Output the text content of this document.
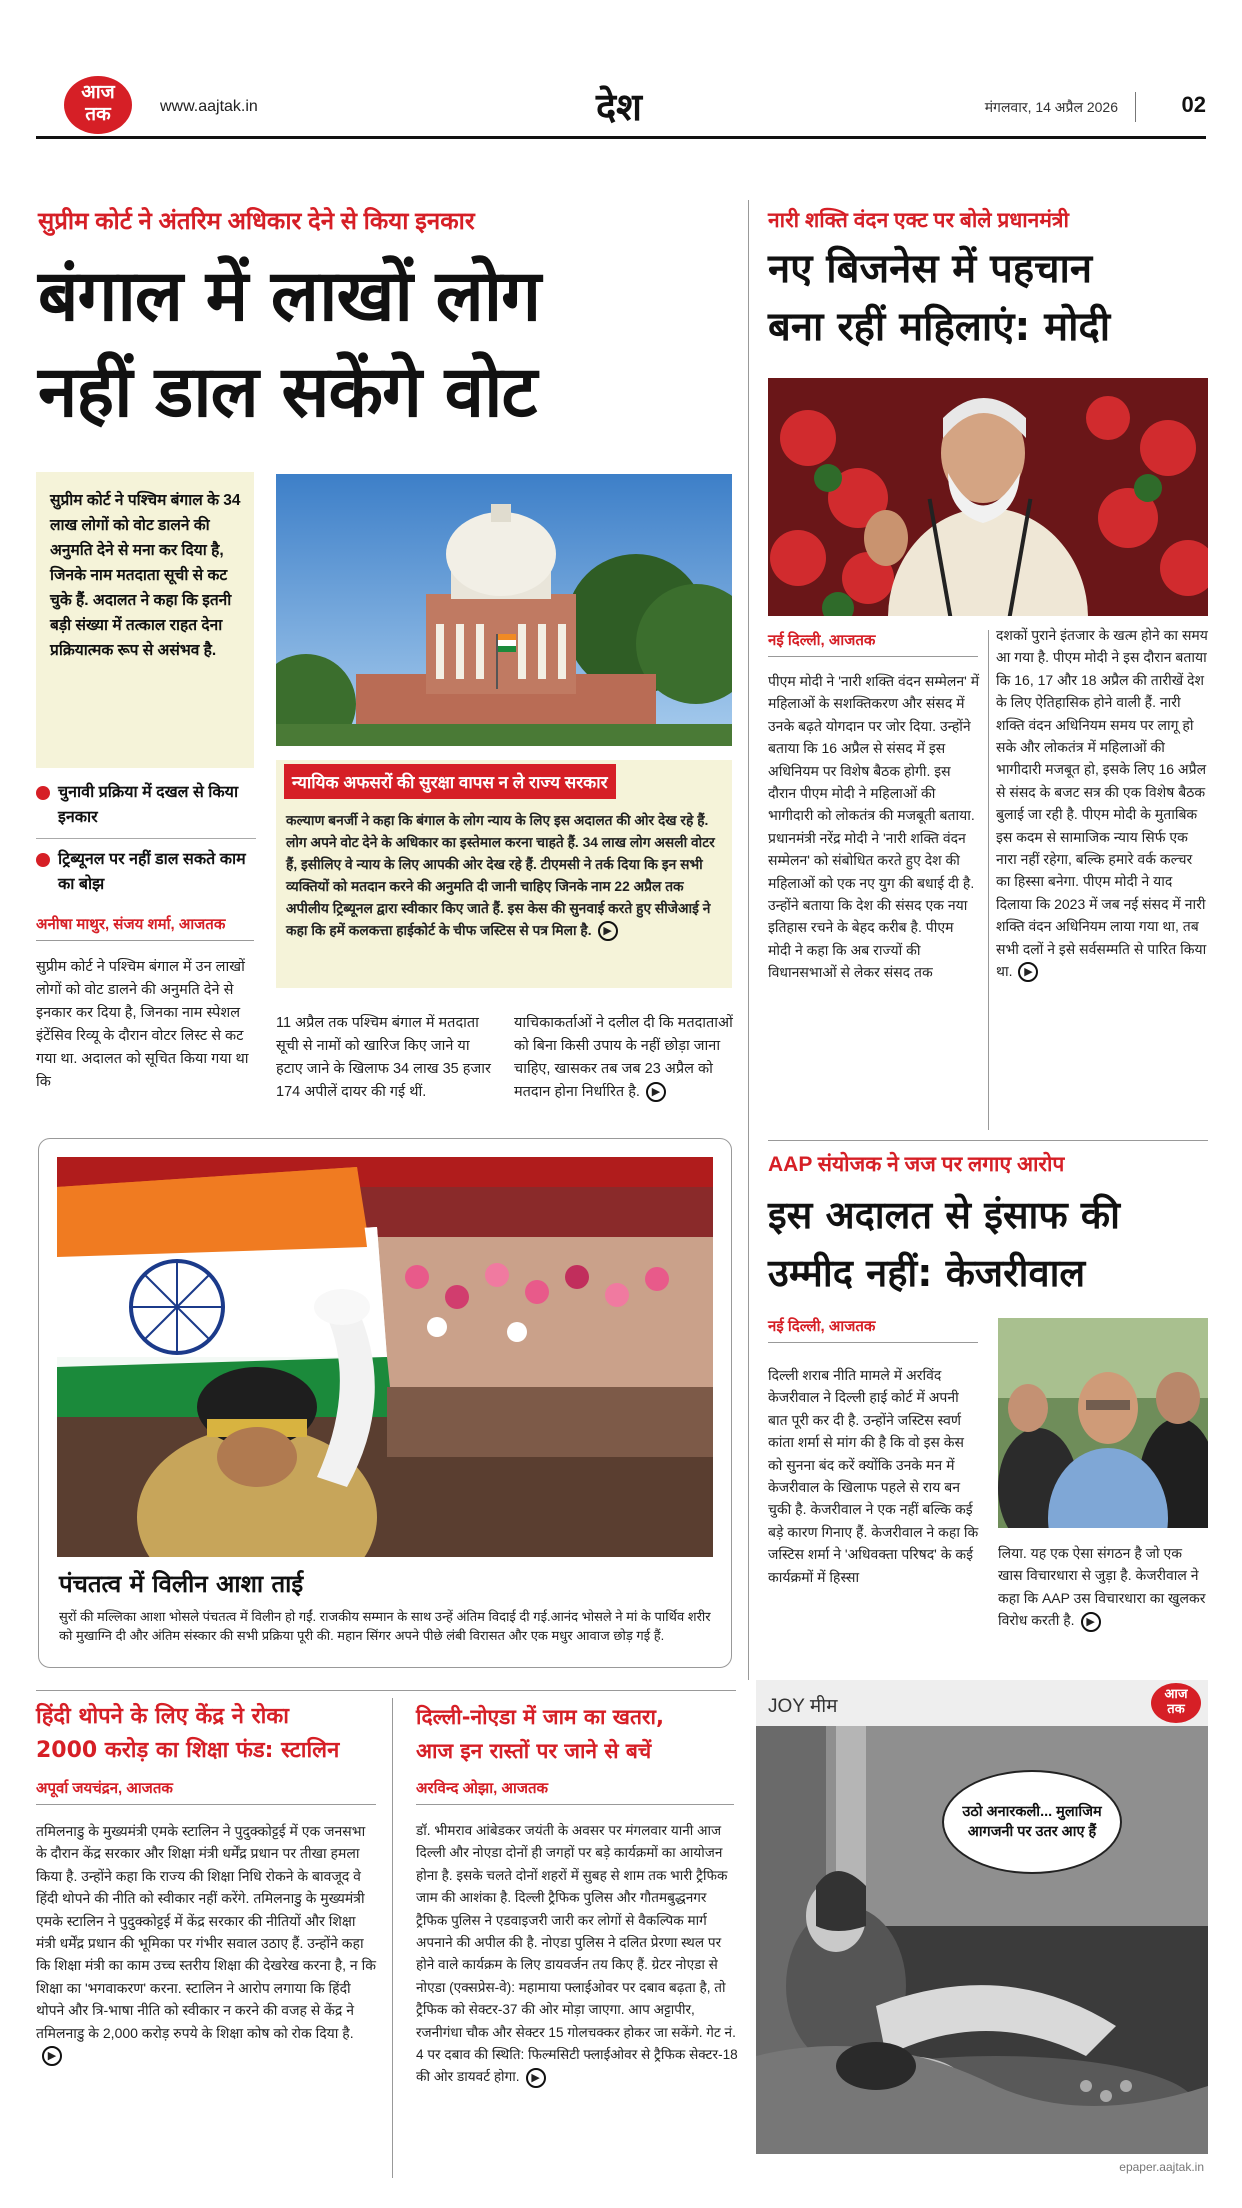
आज
तक	www.aajtak.in	देश	मंगलवार, 14 अप्रैल 2026	02
सुप्रीम कोर्ट ने अंतरिम अधिकार देने से किया इनकार
बंगाल में लाखों लोग
नहीं डाल सकेंगे वोट
सुप्रीम कोर्ट ने पश्चिम बंगाल के 34 लाख लोगों को वोट डालने की अनुमति देने से मना कर दिया है, जिनके नाम मतदाता सूची से कट चुके हैं. अदालत ने कहा कि इतनी बड़ी संख्या में तत्काल राहत देना प्रक्रियात्मक रूप से असंभव है.
चुनावी प्रक्रिया में दखल से किया इनकार
ट्रिब्यूनल पर नहीं डाल सकते काम का बोझ
अनीषा माथुर, संजय शर्मा, आजतक
सुप्रीम कोर्ट ने पश्चिम बंगाल में उन लाखों लोगों को वोट डालने की अनुमति देने से इनकार कर दिया है, जिनका नाम स्पेशल इंटेंसिव रिव्यू के दौरान वोटर लिस्ट से कट गया था. अदालत को सूचित किया गया था कि
न्यायिक अफसरों की सुरक्षा वापस न ले राज्य सरकार
कल्याण बनर्जी ने कहा कि बंगाल के लोग न्याय के लिए इस अदालत की ओर देख रहे हैं. लोग अपने वोट देने के अधिकार का इस्तेमाल करना चाहते हैं. 34 लाख लोग असली वोटर हैं, इसीलिए वे न्याय के लिए आपकी ओर देख रहे हैं. टीएमसी ने तर्क दिया कि इन सभी व्यक्तियों को मतदान करने की अनुमति दी जानी चाहिए जिनके नाम 22 अप्रैल तक अपीलीय ट्रिब्यूनल द्वारा स्वीकार किए जाते हैं. इस केस की सुनवाई करते हुए सीजेआई ने कहा कि हमें कलकत्ता हाईकोर्ट के चीफ जस्टिस से पत्र मिला है. ▶
11 अप्रैल तक पश्चिम बंगाल में मतदाता सूची से नामों को खारिज किए जाने या हटाए जाने के खिलाफ 34 लाख 35 हजार 174 अपीलें दायर की गई थीं.
याचिकाकर्ताओं ने दलील दी कि मतदाताओं को बिना किसी उपाय के नहीं छोड़ा जाना चाहिए, खासकर तब जब 23 अप्रैल को मतदान होना निर्धारित है. ▶
पंचतत्व में विलीन आशा ताई
सुरों की मल्लिका आशा भोसले पंचतत्व में विलीन हो गईं. राजकीय सम्मान के साथ उन्हें अंतिम विदाई दी गई.आनंद भोसले ने मां के पार्थिव शरीर को मुखाग्नि दी और अंतिम संस्कार की सभी प्रक्रिया पूरी की. महान सिंगर अपने पीछे लंबी विरासत और एक मधुर आवाज छोड़ गई हैं.
नारी शक्ति वंदन एक्ट पर बोले प्रधानमंत्री
नए बिजनेस में पहचान
बना रहीं महिलाएं: मोदी
नई दिल्ली, आजतक
पीएम मोदी ने 'नारी शक्ति वंदन सम्मेलन' में महिलाओं के सशक्तिकरण और संसद में उनके बढ़ते योगदान पर जोर दिया. उन्होंने बताया कि 16 अप्रैल से संसद में इस अधिनियम पर विशेष बैठक होगी. इस दौरान पीएम मोदी ने महिलाओं की भागीदारी को लोकतंत्र की मजबूती बताया. प्रधानमंत्री नरेंद्र मोदी ने 'नारी शक्ति वंदन सम्मेलन' को संबोधित करते हुए देश की महिलाओं को एक नए युग की बधाई दी है. उन्होंने बताया कि देश की संसद एक नया इतिहास रचने के बेहद करीब है. पीएम मोदी ने कहा कि अब राज्यों की विधानसभाओं से लेकर संसद तक
दशकों पुराने इंतजार के खत्म होने का समय आ गया है. पीएम मोदी ने इस दौरान बताया कि 16, 17 और 18 अप्रैल की तारीखें देश के लिए ऐतिहासिक होने वाली हैं. नारी शक्ति वंदन अधिनियम समय पर लागू हो सके और लोकतंत्र में महिलाओं की भागीदारी मजबूत हो, इसके लिए 16 अप्रैल से संसद के बजट सत्र की एक विशेष बैठक बुलाई जा रही है. पीएम मोदी के मुताबिक इस कदम से सामाजिक न्याय सिर्फ एक नारा नहीं रहेगा, बल्कि हमारे वर्क कल्चर का हिस्सा बनेगा. पीएम मोदी ने याद दिलाया कि 2023 में जब नई संसद में नारी शक्ति वंदन अधिनियम लाया गया था, तब सभी दलों ने इसे सर्वसम्मति से पारित किया था. ▶
AAP संयोजक ने जज पर लगाए आरोप
इस अदालत से इंसाफ की
उम्मीद नहीं: केजरीवाल
नई दिल्ली, आजतक
दिल्ली शराब नीति मामले में अरविंद केजरीवाल ने दिल्ली हाई कोर्ट में अपनी बात पूरी कर दी है. उन्होंने जस्टिस स्वर्ण कांता शर्मा से मांग की है कि वो इस केस को सुनना बंद करें क्योंकि उनके मन में केजरीवाल के खिलाफ पहले से राय बन चुकी है. केजरीवाल ने एक नहीं बल्कि कई बड़े कारण गिनाए हैं. केजरीवाल ने कहा कि जस्टिस शर्मा ने 'अधिवक्ता परिषद' के कई कार्यक्रमों में हिस्सा
लिया. यह एक ऐसा संगठन है जो एक खास विचारधारा से जुड़ा है. केजरीवाल ने कहा कि AAP उस विचारधारा का खुलकर विरोध करती है. ▶
हिंदी थोपने के लिए केंद्र ने रोका
2000 करोड़ का शिक्षा फंड: स्टालिन
अपूर्वा जयचंद्रन, आजतक
तमिलनाडु के मुख्यमंत्री एमके स्टालिन ने पुदुक्कोट्टई में एक जनसभा के दौरान केंद्र सरकार और शिक्षा मंत्री धर्मेंद्र प्रधान पर तीखा हमला किया है. उन्होंने कहा कि राज्य की शिक्षा निधि रोकने के बावजूद वे हिंदी थोपने की नीति को स्वीकार नहीं करेंगे. तमिलनाडु के मुख्यमंत्री एमके स्टालिन ने पुदुक्कोट्टई में केंद्र सरकार की नीतियों और शिक्षा मंत्री धर्मेंद्र प्रधान की भूमिका पर गंभीर सवाल उठाए हैं. उन्होंने कहा कि शिक्षा मंत्री का काम उच्च स्तरीय शिक्षा की देखरेख करना है, न कि शिक्षा का 'भगवाकरण' करना. स्टालिन ने आरोप लगाया कि हिंदी थोपने और त्रि-भाषा नीति को स्वीकार न करने की वजह से केंद्र ने तमिलनाडु के 2,000 करोड़ रुपये के शिक्षा कोष को रोक दिया है.▶
दिल्ली-नोएडा में जाम का खतरा,
आज इन रास्तों पर जाने से बचें
अरविन्द ओझा, आजतक
डॉ. भीमराव आंबेडकर जयंती के अवसर पर मंगलवार यानी आज दिल्ली और नोएडा दोनों ही जगहों पर बड़े कार्यक्रमों का आयोजन होना है. इसके चलते दोनों शहरों में सुबह से शाम तक भारी ट्रैफिक जाम की आशंका है. दिल्ली ट्रैफिक पुलिस और गौतमबुद्धनगर ट्रैफिक पुलिस ने एडवाइजरी जारी कर लोगों से वैकल्पिक मार्ग अपनाने की अपील की है. नोएडा पुलिस ने दलित प्रेरणा स्थल पर होने वाले कार्यक्रम के लिए डायवर्जन तय किए हैं. ग्रेटर नोएडा से नोएडा (एक्सप्रेस-वे): महामाया फ्लाईओवर पर दबाव बढ़ता है, तो ट्रैफिक को सेक्टर-37 की ओर मोड़ा जाएगा. आप अट्टापीर, रजनीगंधा चौक और सेक्टर 15 गोलचक्कर होकर जा सकेंगे. गेट नं. 4 पर दबाव की स्थिति: फिल्मसिटी फ्लाईओवर से ट्रैफिक सेक्टर-18 की ओर डायवर्ट होगा. ▶
JOY मीम
आज
तक
उठो अनारकली... मुलाजिम आगजनी पर उतर आए हैं
epaper.aajtak.in
